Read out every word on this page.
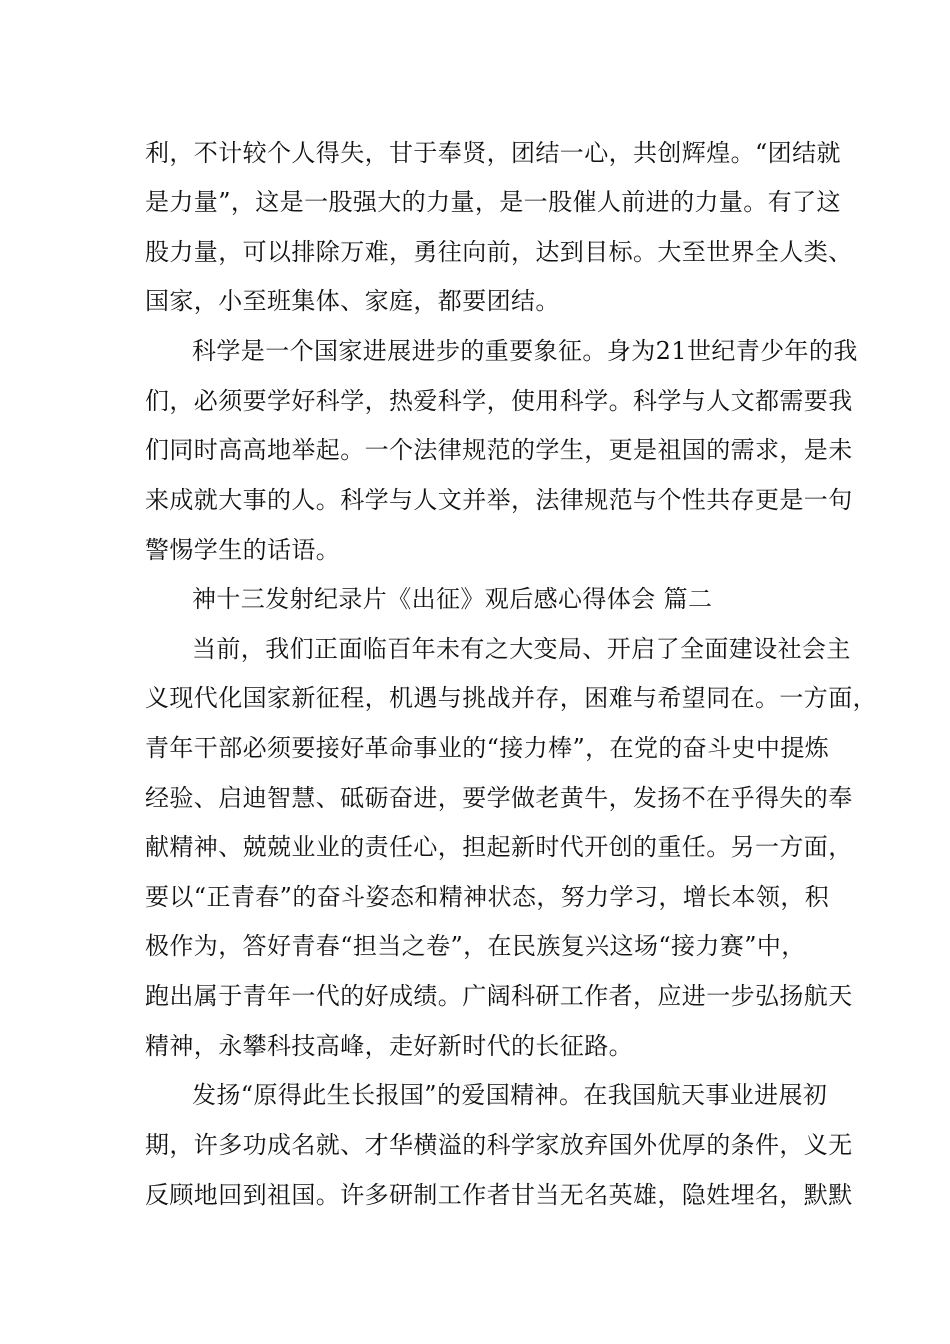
利，不计较个人得失，甘于奉贤，团结一心，共创辉煌。“团结就
是力量”，这是一股强大的力量，是一股催人前进的力量。有了这
股力量，可以排除万难，勇往向前，达到目标。大至世界全人类、
国家，小至班集体、家庭，都要团结。
科学是一个国家进展进步的重要象征。身为21世纪青少年的我
们，必须要学好科学，热爱科学，使用科学。科学与人文都需要我
们同时高高地举起。一个法律规范的学生，更是祖国的需求，是未
来成就大事的人。科学与人文并举，法律规范与个性共存更是一句
警惕学生的话语。
神十三发射纪录片《出征》观后感心得体会 篇二
当前，我们正面临百年未有之大变局、开启了全面建设社会主
义现代化国家新征程，机遇与挑战并存，困难与希望同在。一方面，
青年干部必须要接好革命事业的“接力棒”，在党的奋斗史中提炼
经验、启迪智慧、砥砺奋进，要学做老黄牛，发扬不在乎得失的奉
献精神、兢兢业业的责任心，担起新时代开创的重任。另一方面，
要以“正青春”的奋斗姿态和精神状态，努力学习，增长本领，积
极作为，答好青春“担当之卷”，在民族复兴这场“接力赛”中，
跑出属于青年一代的好成绩。广阔科研工作者，应进一步弘扬航天
精神，永攀科技高峰，走好新时代的长征路。
发扬“原得此生长报国”的爱国精神。在我国航天事业进展初
期，许多功成名就、才华横溢的科学家放弃国外优厚的条件，义无
反顾地回到祖国。许多研制工作者甘当无名英雄，隐姓埋名，默默
